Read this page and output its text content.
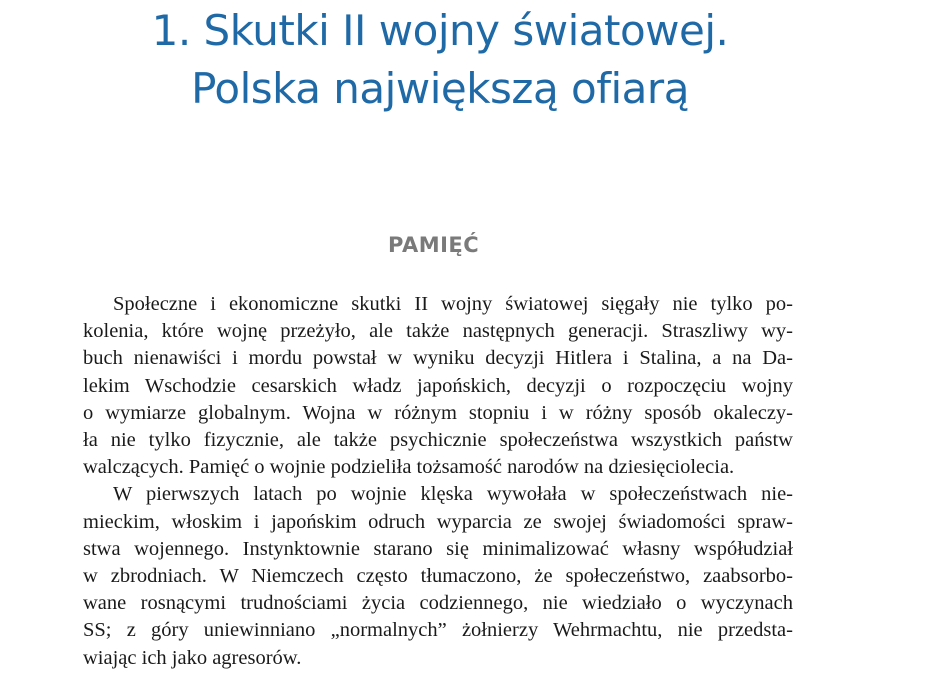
1. Skutki II wojny światowej.
Polska największą ofiarą
PAMIĘĆ
Społeczne i ekonomiczne skutki II wojny światowej sięgały nie tylko po-
kolenia, które wojnę przeżyło, ale także następnych generacji. Straszliwy wy-
buch nienawiści i mordu powstał w wyniku decyzji Hitlera i Stalina, a na Da-
lekim Wschodzie cesarskich władz japońskich, decyzji o rozpoczęciu wojny
o wymiarze globalnym. Wojna w różnym stopniu i w różny sposób okaleczy-
ła nie tylko fizycznie, ale także psychicznie społeczeństwa wszystkich państw
walczących. Pamięć o wojnie podzieliła tożsamość narodów na dziesięciolecia.
W pierwszych latach po wojnie klęska wywołała w społeczeństwach nie-
mieckim, włoskim i japońskim odruch wyparcia ze swojej świadomości spraw-
stwa wojennego. Instynktownie starano się minimalizować własny współudział
w zbrodniach. W Niemczech często tłumaczono, że społeczeństwo, zaabsorbo-
wane rosnącymi trudnościami życia codziennego, nie wiedziało o wyczynach
SS; z góry uniewinniano „normalnych” żołnierzy Wehrmachtu, nie przedsta-
wiając ich jako agresorów.
